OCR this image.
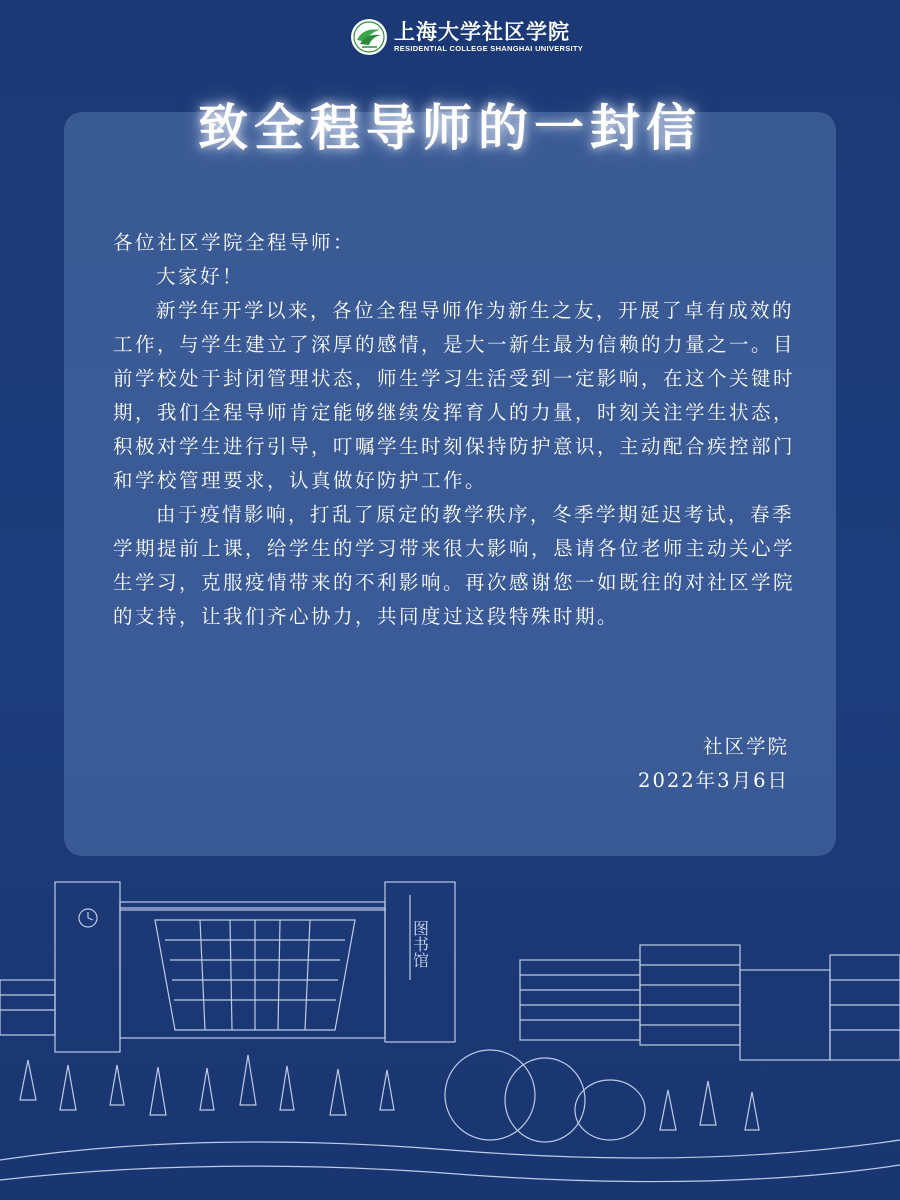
上海大学社区学院
RESIDENTIAL COLLEGE SHANGHAI UNIVERSITY
致全程导师的一封信

各位社区学院全程导师：

大家好！

新学年开学以来，各位全程导师作为新生之友，开展了卓有成效的工作，与学生建立了深厚的感情，是大一新生最为信赖的力量之一。目前学校处于封闭管理状态，师生学习生活受到一定影响，在这个关键时期，我们全程导师肯定能够继续发挥育人的力量，时刻关注学生状态，积极对学生进行引导，叮嘱学生时刻保持防护意识，主动配合疾控部门和学校管理要求，认真做好防护工作。

由于疫情影响，打乱了原定的教学秩序，冬季学期延迟考试，春季学期提前上课，给学生的学习带来很大影响，恳请各位老师主动关心学生学习，克服疫情带来的不利影响。再次感谢您一如既往的对社区学院的支持，让我们齐心协力，共同度过这段特殊时期。

社区学院
2022年3月6日
图书馆
